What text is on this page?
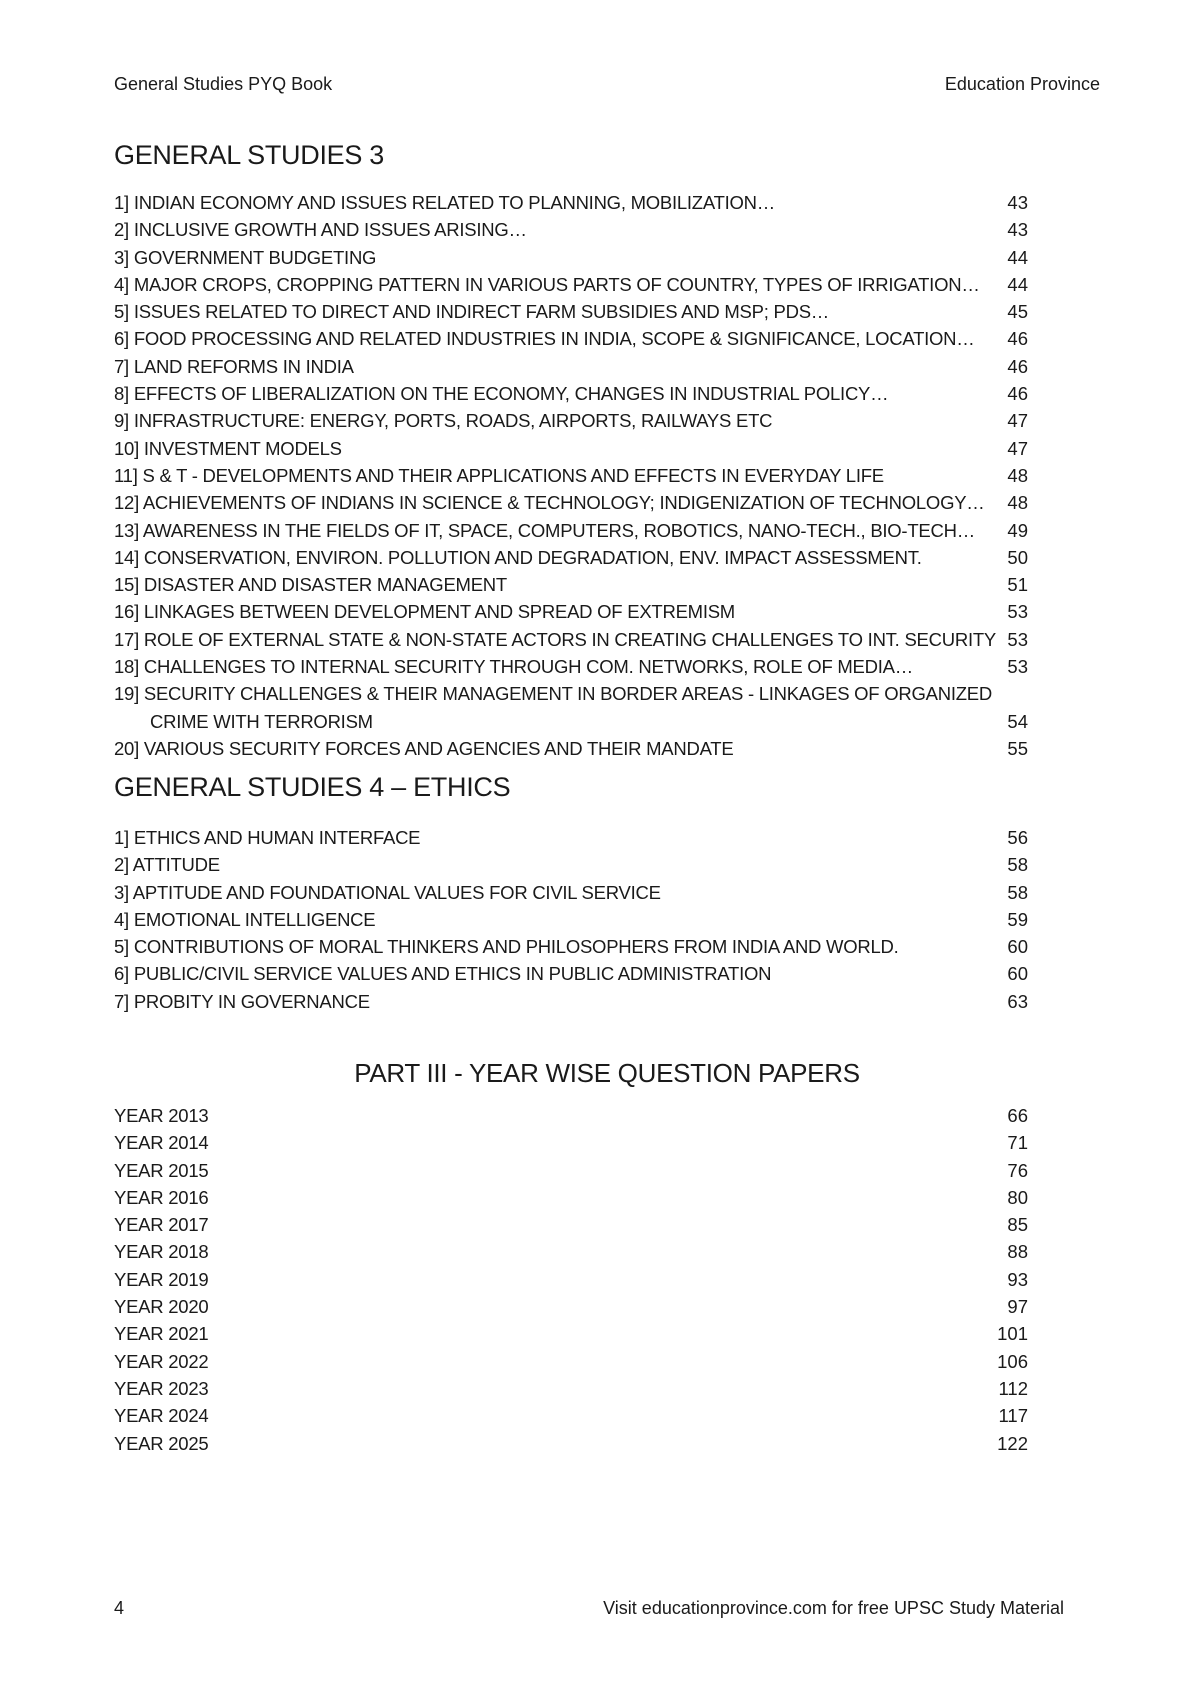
General Studies PYQ Book	Education Province
GENERAL STUDIES 3
1] INDIAN ECONOMY AND ISSUES RELATED TO PLANNING, MOBILIZATION…	43
2] INCLUSIVE GROWTH AND ISSUES ARISING…	43
3] GOVERNMENT BUDGETING	44
4] MAJOR CROPS, CROPPING PATTERN IN VARIOUS PARTS OF COUNTRY, TYPES OF IRRIGATION…	44
5] ISSUES RELATED TO DIRECT AND INDIRECT FARM SUBSIDIES AND MSP; PDS…	45
6] FOOD PROCESSING AND RELATED INDUSTRIES IN INDIA, SCOPE & SIGNIFICANCE, LOCATION…	46
7] LAND REFORMS IN INDIA	46
8] EFFECTS OF LIBERALIZATION ON THE ECONOMY, CHANGES IN INDUSTRIAL POLICY…	46
9] INFRASTRUCTURE: ENERGY, PORTS, ROADS, AIRPORTS, RAILWAYS ETC	47
10] INVESTMENT MODELS	47
11] S & T - DEVELOPMENTS AND THEIR APPLICATIONS AND EFFECTS IN EVERYDAY LIFE	48
12] ACHIEVEMENTS OF INDIANS IN SCIENCE & TECHNOLOGY; INDIGENIZATION OF TECHNOLOGY…	48
13] AWARENESS IN THE FIELDS OF IT, SPACE, COMPUTERS, ROBOTICS, NANO-TECH., BIO-TECH…	49
14] CONSERVATION, ENVIRON. POLLUTION AND DEGRADATION, ENV. IMPACT ASSESSMENT.	50
15] DISASTER AND DISASTER MANAGEMENT	51
16] LINKAGES BETWEEN DEVELOPMENT AND SPREAD OF EXTREMISM	53
17] ROLE OF EXTERNAL STATE & NON-STATE ACTORS IN CREATING CHALLENGES TO INT. SECURITY 53
18] CHALLENGES TO INTERNAL SECURITY THROUGH COM. NETWORKS, ROLE OF MEDIA…	53
19] SECURITY CHALLENGES & THEIR MANAGEMENT IN BORDER AREAS - LINKAGES OF ORGANIZED
CRIME WITH TERRORISM	54
20] VARIOUS SECURITY FORCES AND AGENCIES AND THEIR MANDATE	55
GENERAL STUDIES 4 – ETHICS
1] ETHICS AND HUMAN INTERFACE	56
2] ATTITUDE	58
3] APTITUDE AND FOUNDATIONAL VALUES FOR CIVIL SERVICE	58
4] EMOTIONAL INTELLIGENCE	59
5] CONTRIBUTIONS OF MORAL THINKERS AND PHILOSOPHERS FROM INDIA AND WORLD.	60
6] PUBLIC/CIVIL SERVICE VALUES AND ETHICS IN PUBLIC ADMINISTRATION	60
7] PROBITY IN GOVERNANCE	63
PART III - YEAR WISE QUESTION PAPERS
YEAR 2013	66
YEAR 2014	71
YEAR 2015	76
YEAR 2016	80
YEAR 2017	85
YEAR 2018	88
YEAR 2019	93
YEAR 2020	97
YEAR 2021	101
YEAR 2022	106
YEAR 2023	112
YEAR 2024	117
YEAR 2025	122
4	Visit educationprovince.com for free UPSC Study Material
